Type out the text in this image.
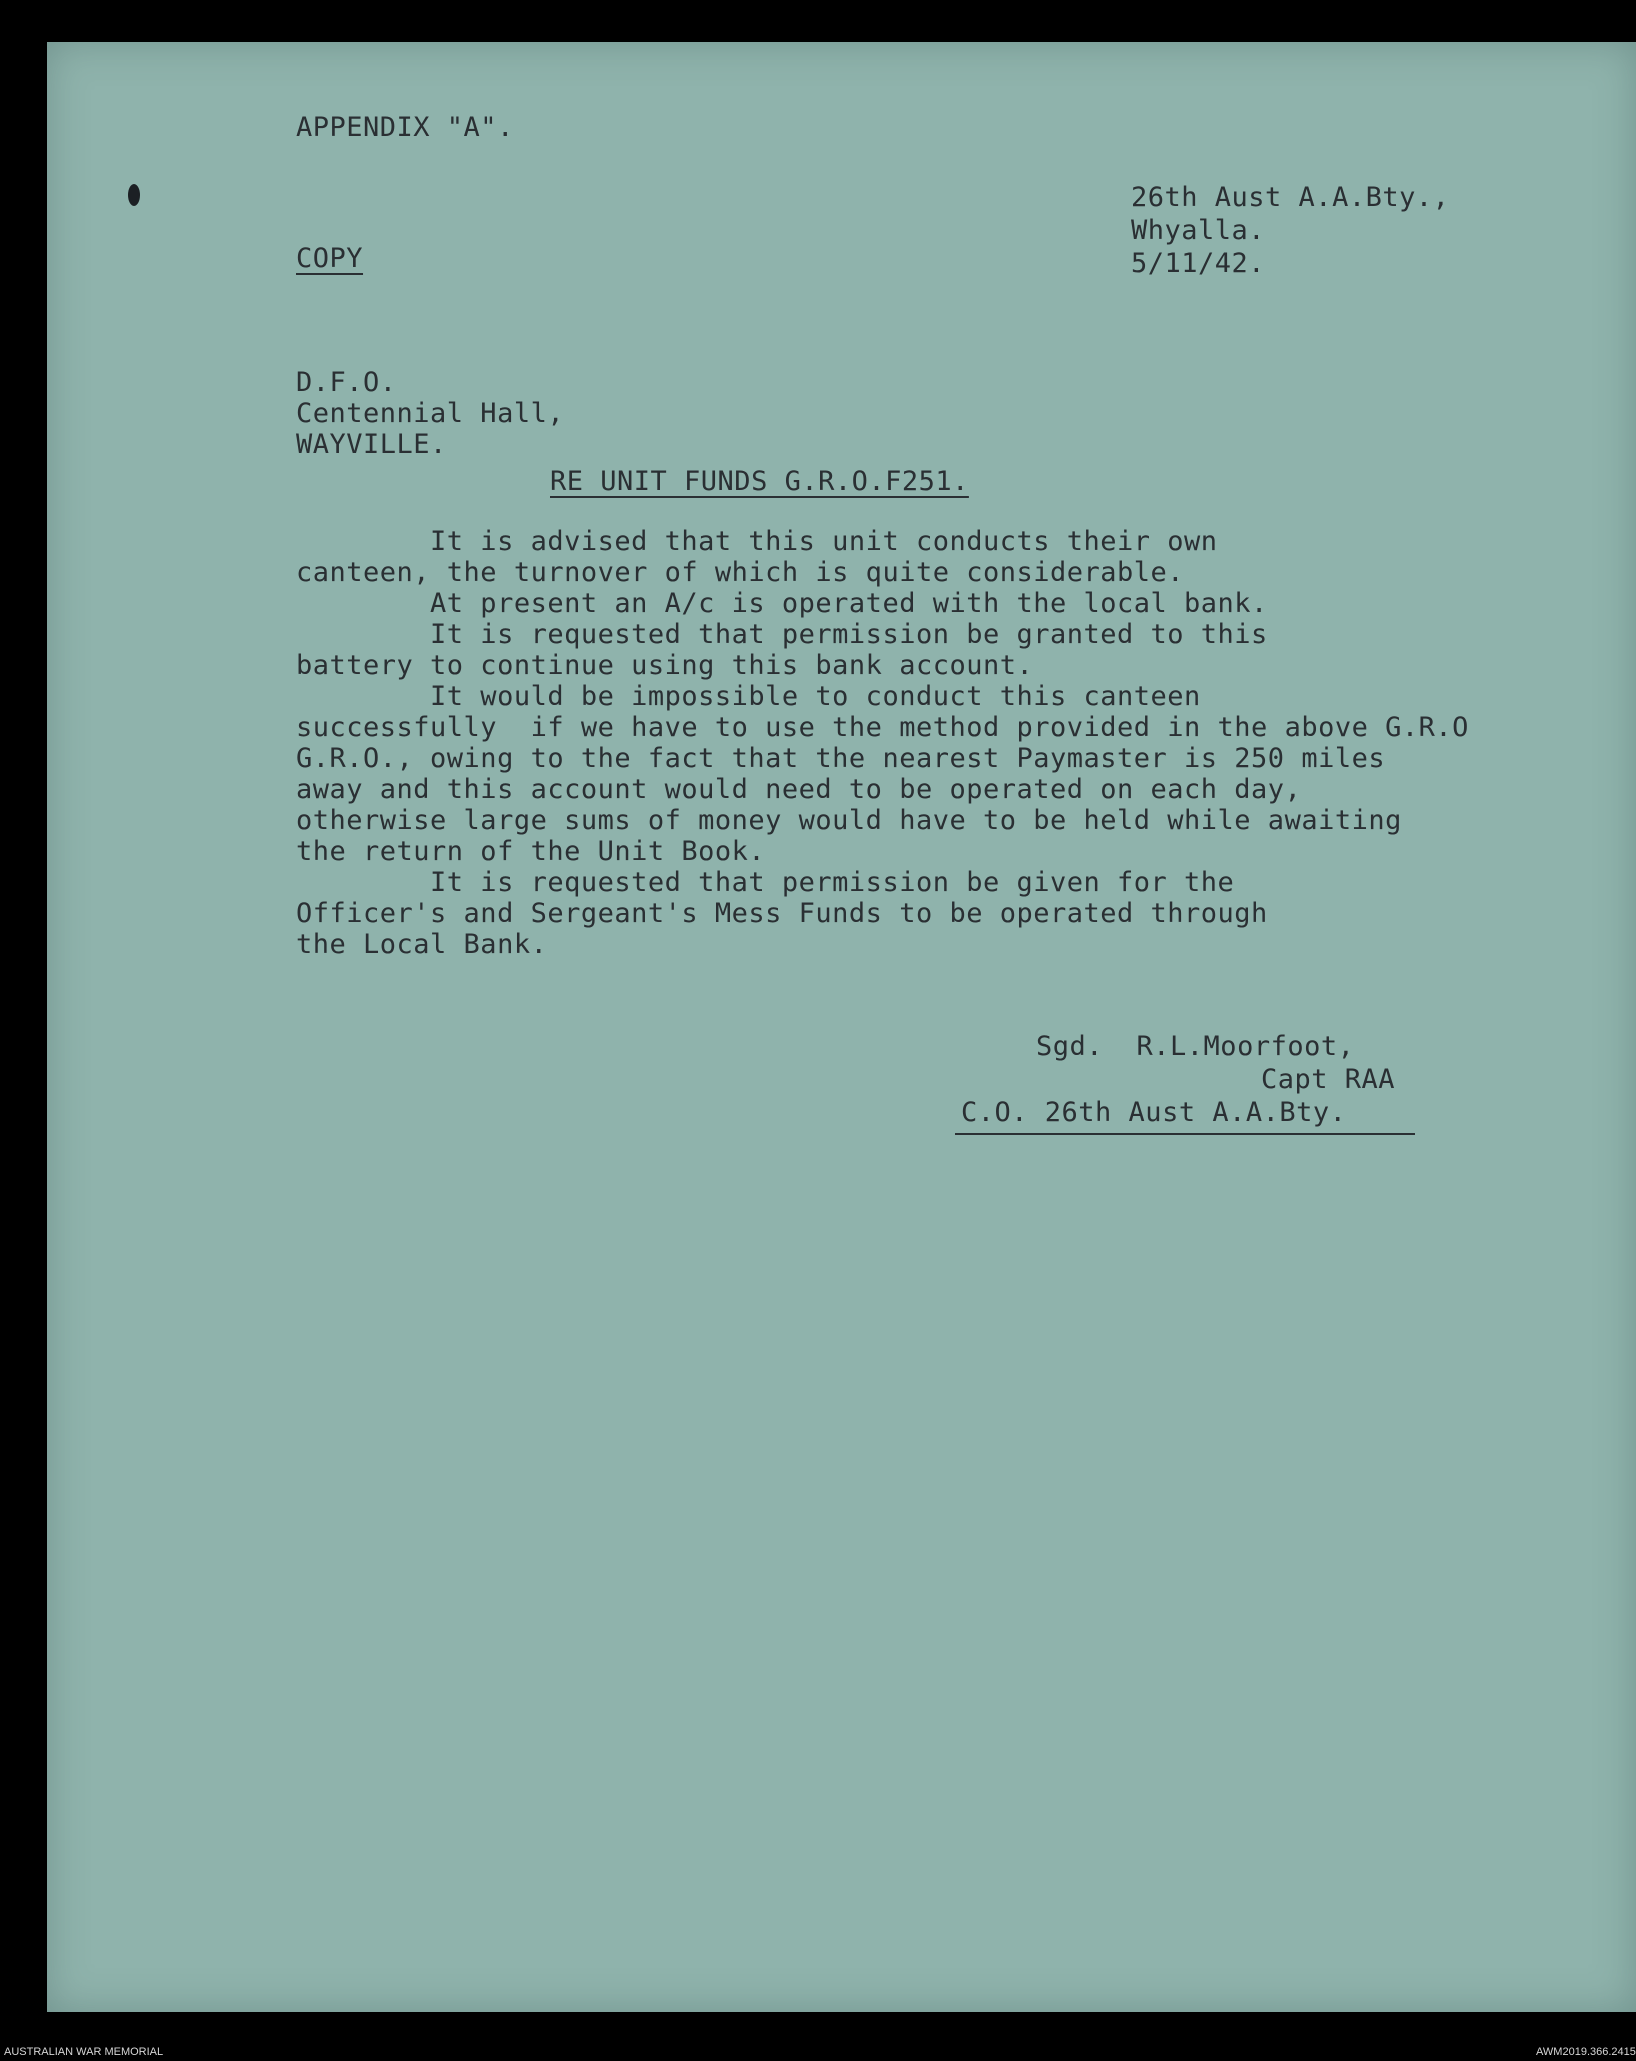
APPENDIX "A".
COPY
26th Aust A.A.Bty.,
Whyalla.
5/11/42.
D.F.O.
Centennial Hall,
WAYVILLE.
RE UNIT FUNDS G.R.O.F251.
It is advised that this unit conducts their own
canteen, the turnover of which is quite considerable.
At present an A/c is operated with the local bank.
It is requested that permission be granted to this
battery to continue using this bank account.
It would be impossible to conduct this canteen
successfully  if we have to use the method provided in the above G.R.O
G.R.O., owing to the fact that the nearest Paymaster is 250 miles
away and this account would need to be operated on each day,
otherwise large sums of money would have to be held while awaiting
the return of the Unit Book.
It is requested that permission be given for the
Officer's and Sergeant's Mess Funds to be operated through
the Local Bank.
Sgd.  R.L.Moorfoot,
Capt RAA
C.O. 26th Aust A.A.Bty.
AUSTRALIAN WAR MEMORIAL	AWM2019.366.2415
